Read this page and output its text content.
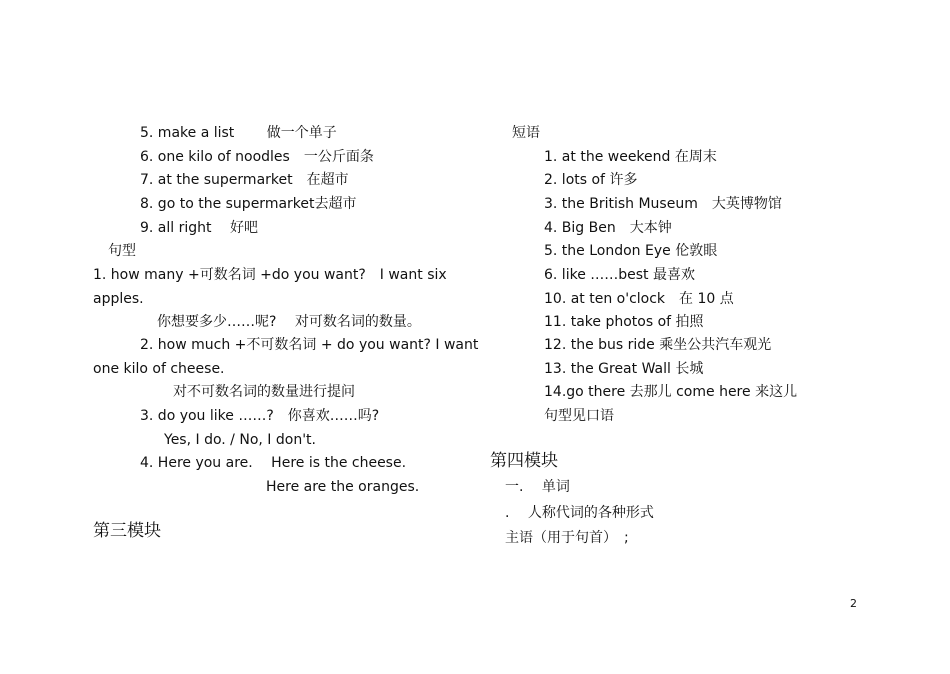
5. make a list 　　做一个单子
6. one kilo of noodles　一公斤面条
7. at the supermarket　在超市
8. go to the supermarket去超市
9. all right 　好吧
句型
1. how many +可数名词 +do you want?　I want six
apples.
你想要多少……呢?　 对可数名词的数量。
2. how much +不可数名词 + do you want? I want
one kilo of cheese.
对不可数名词的数量进行提问
3. do you like ……?　你喜欢……吗?
Yes, I do. / No, I don't.
4. Here you are.　 Here is the cheese.
Here are the oranges.
第三模块
短语
1. at the weekend 在周末
2. lots of 许多
3. the British Museum　大英博物馆
4. Big Ben　大本钟
5. the London Eye 伦敦眼
6. like ……best 最喜欢
10. at ten o'clock　在 10 点
11. take photos of 拍照
12. the bus ride 乘坐公共汽车观光
13. the Great Wall 长城
14.go there 去那儿 come here 来这儿
句型见口语
第四模块
一.　 单词
.　 人称代词的各种形式
主语（用于句首）　;
2
